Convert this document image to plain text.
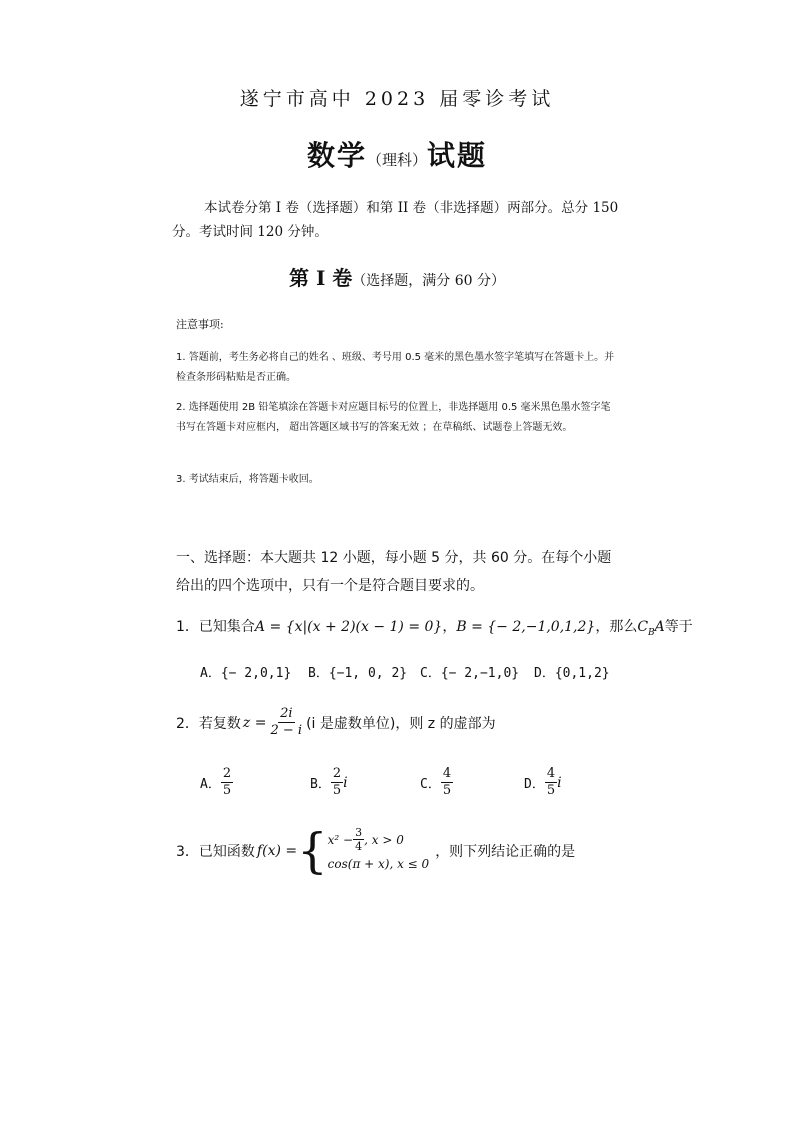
遂宁市高中 2023 届零诊考试
数学（理科）试题
本试卷分第 I 卷（选择题）和第 II 卷（非选择题）两部分。总分 150 分。考试时间 120 分钟。
第 Ⅰ 卷（选择题，满分 60 分）
注意事项:
1. 答题前，考生务必将自己的姓名 、班级、考号用 0.5 毫米的黑色墨水签字笔填写在答题卡上。并检查条形码粘贴是否正确。
2. 选择题使用 2B 铅笔填涂在答题卡对应题目标号的位置上，非选择题用 0.5 毫米黑色墨水签字笔书写在答题卡对应框内， 超出答题区域书写的答案无效 ；在草稿纸、试题卷上答题无效。
3. 考试结束后，将答题卡收回。
一、选择题：本大题共 12 小题，每小题 5 分，共 60 分。在每个小题给出的四个选项中，只有一个是符合题目要求的。
1．已知集合A = {x|(x + 2)(x − 1) = 0}，B = {− 2,−1,0,1,2}，那么$C_BA$等于
A．{− 2,0,1} B．{−1, 0, 2} C．{− 2,−1,0} D．{0,1,2}
2．若复数 $z = \frac{2i}{2 - i} (i$ 是虚数单位)，则 z 的虚部为
A． $\frac{2}{5}$	B． $\frac{2}{5}$ i	C． $\frac{4}{5}$	D． $\frac{4}{5}$ i
3．已知函数 f(x) = { $x^2 - \frac{3}{4}$ , x > 0
cos(π + x), x ≤ 0
，则下列结论正确的是
